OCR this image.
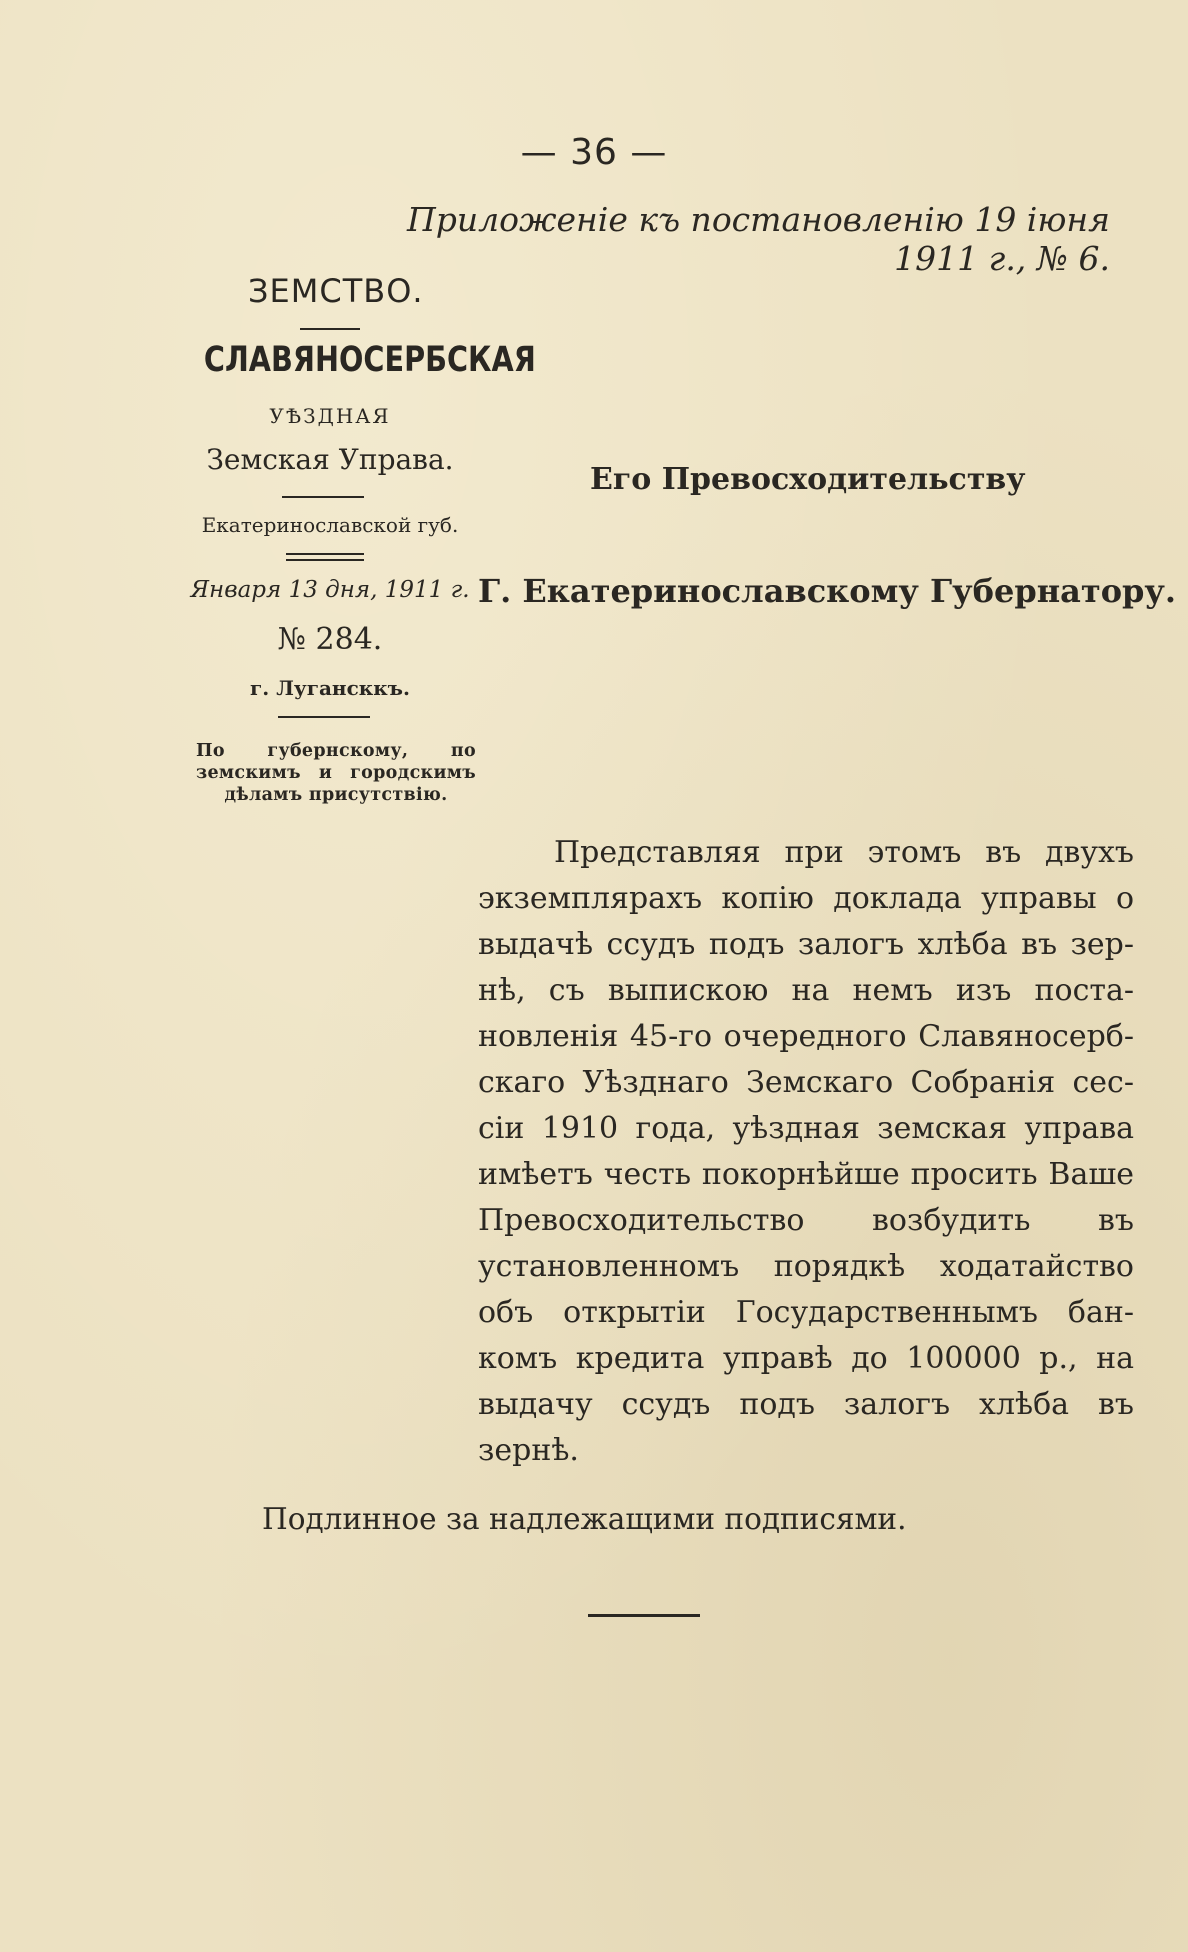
— 36 —
Приложеніе къ постановленію 19 іюня 1911 г., № 6.
ЗЕМСТВО.
СЛАВЯНОСЕРБСКАЯ
УѢЗДНАЯ
Земская Управа.
Екатеринославской губ.
Января 13 дня, 1911 г.
№ 284.
г. Лугансккъ.
По губернскому, по земскимъ и городскимъ дѣламъ присутствію.
Его Превосходительству
Г. Екатеринославскому Губернатору.
Представляя при этомъ въ двухъ экземплярахъ копію доклада управы о выдачѣ ссудъ подъ залогъ хлѣба въ зернѣ, съ выпискою на немъ изъ постановленія 45-го очередного Славяносербскаго Уѣзднаго Земскаго Собранія сессіи 1910 года, уѣздная земская управа имѣетъ честь покорнѣйше просить Ваше Превосходительство возбудить въ установленномъ порядкѣ ходатайство объ открытіи Государственнымъ банкомъ кредита управѣ до 100000 р., на выдачу ссудъ подъ залогъ хлѣба въ зернѣ.
Подлинное за надлежащими подписями.
